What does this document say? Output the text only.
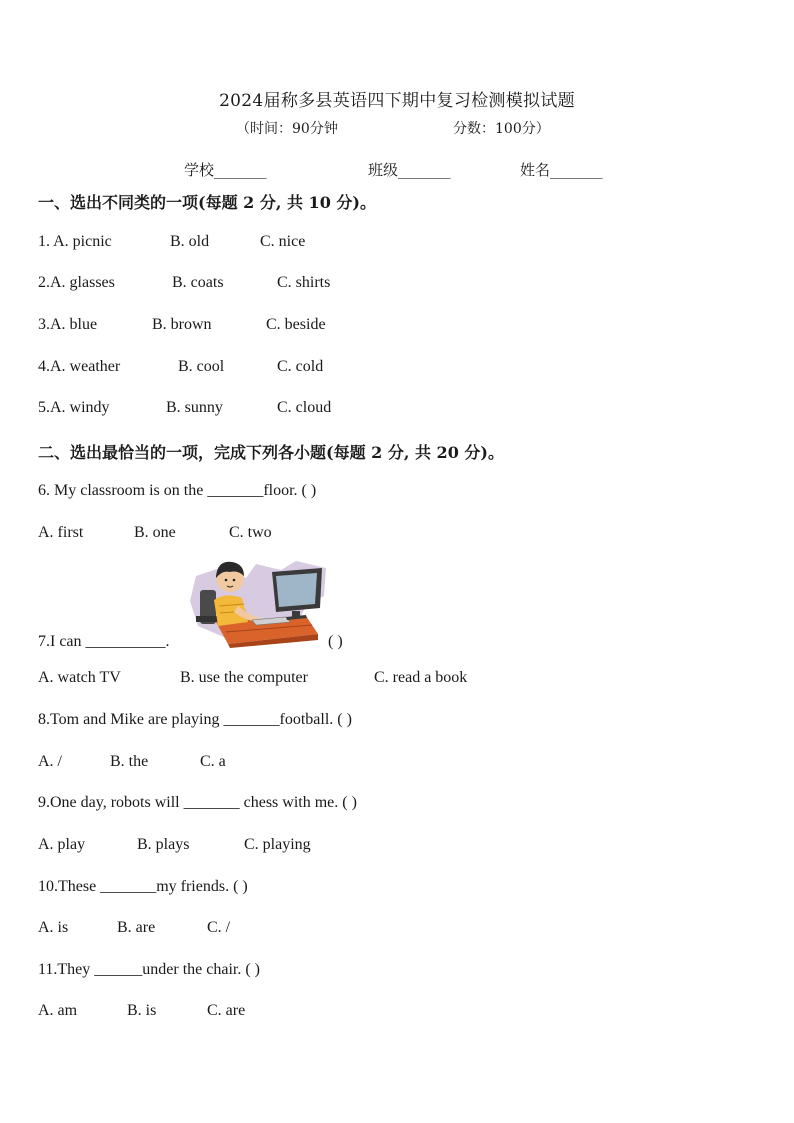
2024届称多县英语四下期中复习检测模拟试题
（时间：90分钟	分数：100分）
学校_______	班级_______	姓名_______
一、选出不同类的一项(每题 2 分, 共 10 分)。
1. A. picnic	B. old	C. nice
2.A. glasses	B. coats	C. shirts
3.A. blue	B. brown	C. beside
4.A. weather	B. cool	C. cold
5.A. windy	B. sunny	C. cloud
二、选出最恰当的一项，完成下列各小题(每题 2 分, 共 20 分)。
6. My classroom is on the _______floor. ( )
A. first	B. one	C. two
7.I can __________.	( )
A. watch TV	B. use the computer	C. read a book
8.Tom and Mike are playing _______football. ( )
A. /	B. the	C. a
9.One day, robots will _______ chess with me. ( )
A. play	B. plays	C. playing
10.These _______my friends. ( )
A. is	B. are	C. /
11.They ______under the chair. ( )
A. am	B. is	C. are
